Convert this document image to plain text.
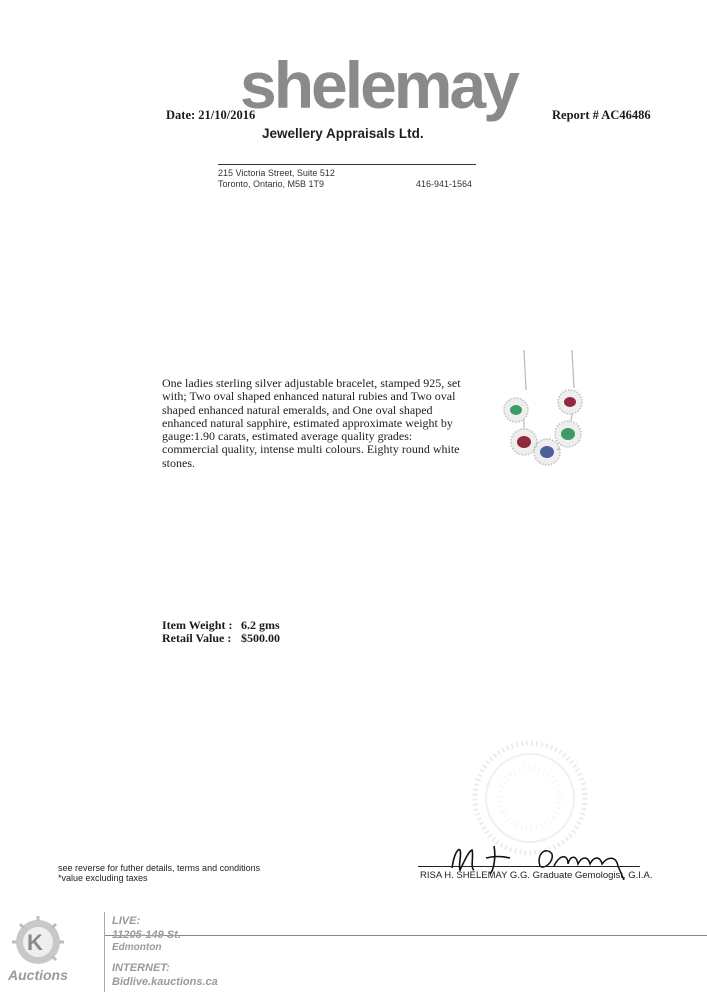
shelemay
Jewellery Appraisals Ltd.
Date: 21/10/2016	Report # AC46486
215 Victoria Street, Suite 512
Toronto, Ontario, M5B 1T9	416-941-1564
One ladies sterling silver adjustable bracelet, stamped 925, set with; Two oval shaped enhanced natural rubies and Two oval shaped enhanced natural emeralds, and One oval shaped enhanced natural sapphire, estimated approximate weight by gauge:1.90 carats, estimated average quality grades: commercial quality, intense multi colours. Eighty round white stones.
Item Weight : 6.2 gms
Retail Value : $500.00
see reverse for futher details, terms and conditions
*value excluding taxes	RISA H. SHELEMAY G.G. Graduate Gemologist, G.I.A.
K
Auctions
LIVE:
11205-149 St.
Edmonton
INTERNET:
Bidlive.kauctions.ca
